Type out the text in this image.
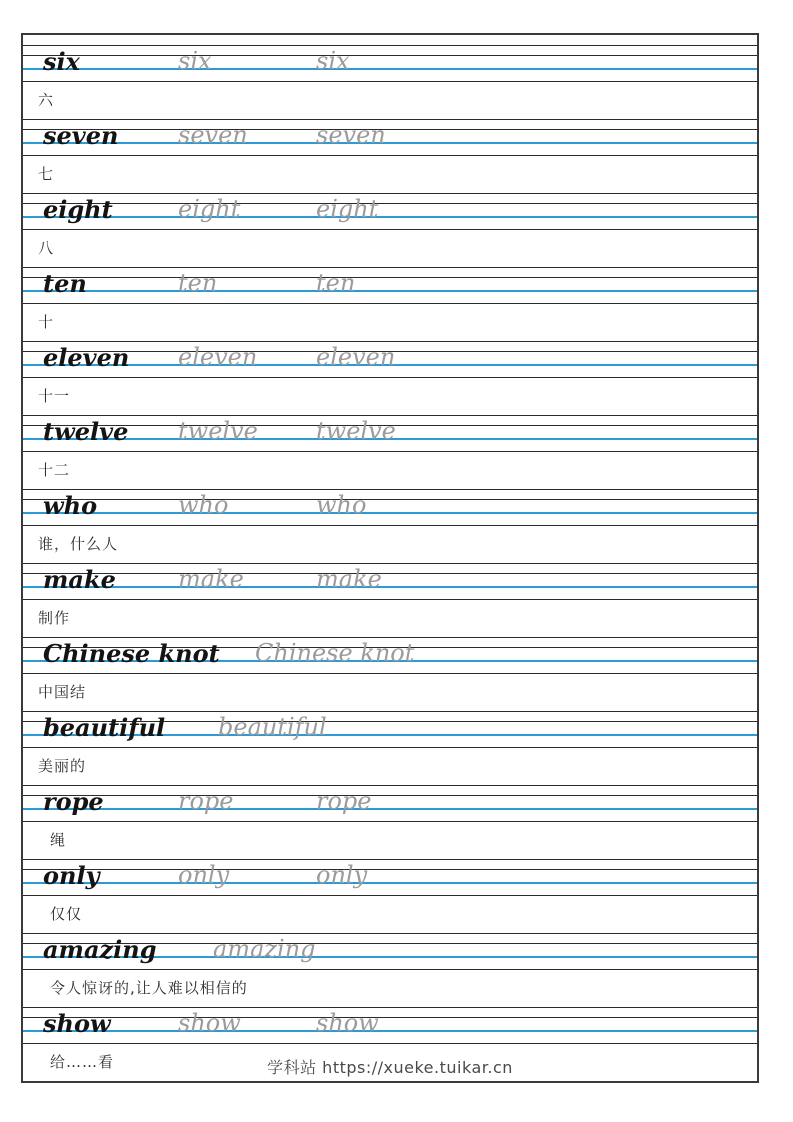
six	six	six
六
seven seven	seven
七
eight	eight	eight
八
ten	ten	ten
十
eleven eleven eleven
十一
twelve twelve twelve
十二
who	who	who
谁，什么人
make	make	make
制作
Chinese knot Chinese knot
中国结
beautiful beautiful
美丽的
rope	rope	rope
绳
only	only	only
仅仅
amazing amazing
令人惊讶的,让人难以相信的
show	show	show
给……看	学科站 https://xueke.tuikar.cn
